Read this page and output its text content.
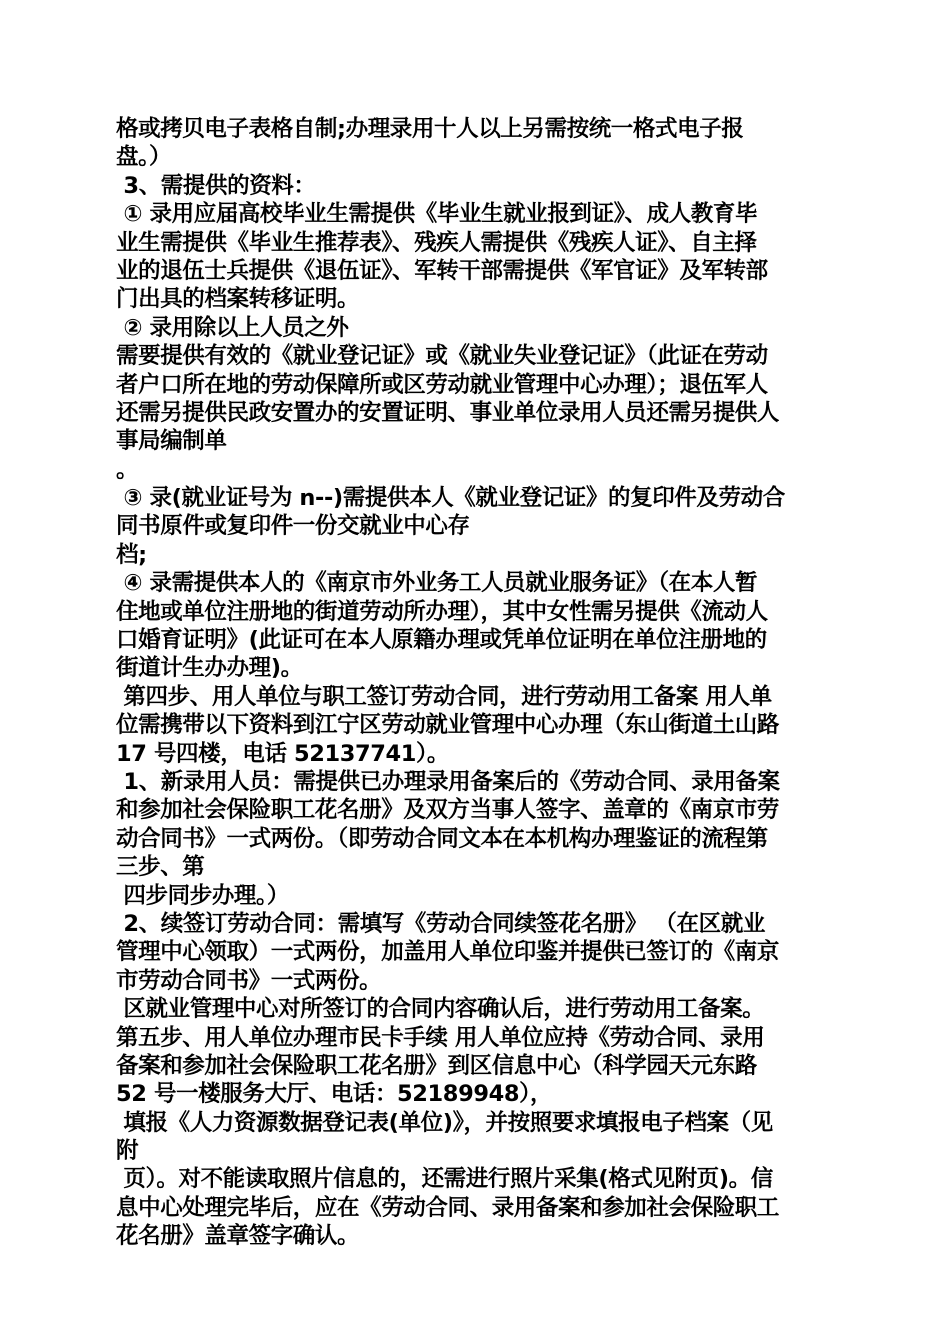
格或拷贝电子表格自制;办理录用十人以上另需按统一格式电子报
盘。）
3、需提供的资料：
① 录用应届高校毕业生需提供《毕业生就业报到证》、成人教育毕
业生需提供《毕业生推荐表》、残疾人需提供《残疾人证》、自主择
业的退伍士兵提供《退伍证》、军转干部需提供《军官证》及军转部
门出具的档案转移证明。
② 录用除以上人员之外
需要提供有效的《就业登记证》或《就业失业登记证》（此证在劳动
者户口所在地的劳动保障所或区劳动就业管理中心办理）；退伍军人
还需另提供民政安置办的安置证明、事业单位录用人员还需另提供人
事局编制单
。
③ 录(就业证号为 n--)需提供本人《就业登记证》的复印件及劳动合
同书原件或复印件一份交就业中心存
档;
④ 录需提供本人的《南京市外业务工人员就业服务证》（在本人暂
住地或单位注册地的街道劳动所办理），其中女性需另提供《流动人
口婚育证明》(此证可在本人原籍办理或凭单位证明在单位注册地的
街道计生办办理)。
第四步、用人单位与职工签订劳动合同，进行劳动用工备案 用人单
位需携带以下资料到江宁区劳动就业管理中心办理（东山街道土山路
17 号四楼，电话 52137741）。
1、新录用人员：需提供已办理录用备案后的《劳动合同、录用备案
和参加社会保险职工花名册》及双方当事人签字、盖章的《南京市劳
动合同书》一式两份。（即劳动合同文本在本机构办理鉴证的流程第
三步、第
四步同步办理。）
2、续签订劳动合同：需填写《劳动合同续签花名册》 （在区就业
管理中心领取）一式两份，加盖用人单位印鉴并提供已签订的《南京
市劳动合同书》一式两份。
区就业管理中心对所签订的合同内容确认后，进行劳动用工备案。
第五步、用人单位办理市民卡手续 用人单位应持《劳动合同、录用
备案和参加社会保险职工花名册》到区信息中心（科学园天元东路
52 号一楼服务大厅、电话：52189948），
填报《人力资源数据登记表(单位)》，并按照要求填报电子档案（见
附
页）。对不能读取照片信息的，还需进行照片采集(格式见附页)。信
息中心处理完毕后，应在《劳动合同、录用备案和参加社会保险职工
花名册》盖章签字确认。
